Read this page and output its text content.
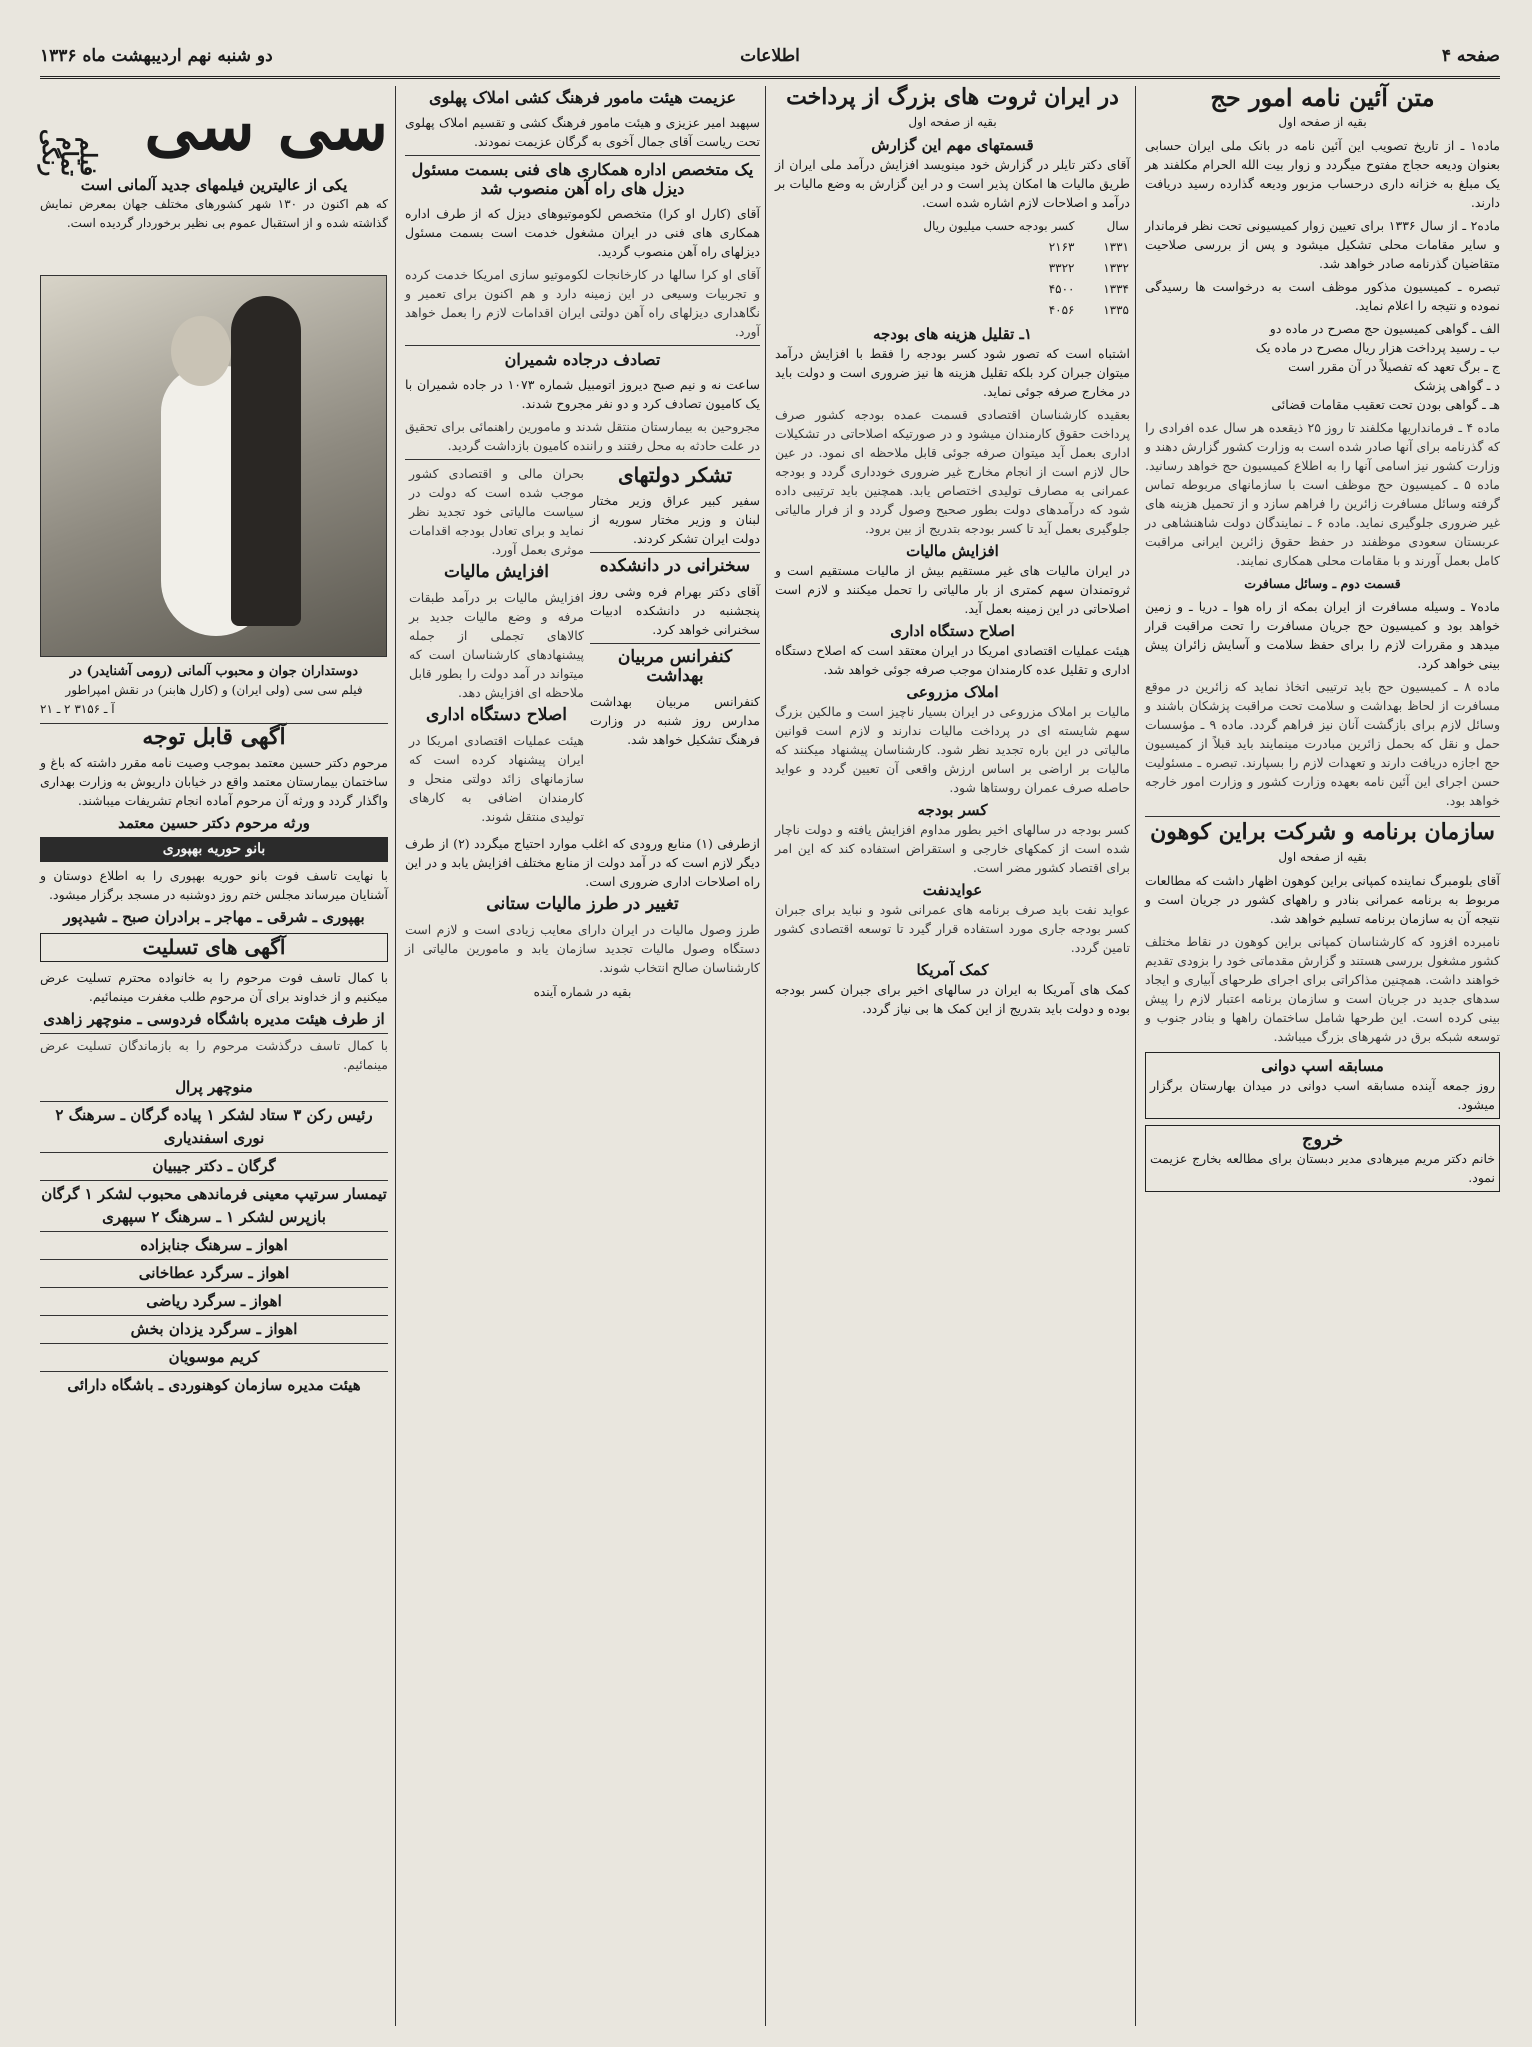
صفحه ۴
اطلاعات
دو شنبه نهم اردیبهشت ماه ۱۳۳۶
متن آئین نامه امور حج
بقیه از صفحه اول

ماده۱ ـ از تاریخ تصویب این آئین نامه در بانک ملی ایران حسابی بعنوان ودیعه حجاج مفتوح میگردد و زوار بیت الله الحرام مکلفند هر یک مبلغ به خزانه داری درحساب مزبور ودیعه گذارده رسید دریافت دارند.

ماده۲ ـ از سال ۱۳۳۶ برای تعیین زوار کمیسیونی تحت نظر فرماندار و سایر مقامات محلی تشکیل میشود و پس از بررسی صلاحیت متقاضیان گذرنامه صادر خواهد شد.

تبصره ـ کمیسیون مذکور موظف است به درخواست ها رسیدگی نموده و نتیجه را اعلام نماید.

الف ـ گواهی کمیسیون حج مصرح در ماده دو
ب ـ رسید پرداخت هزار ریال مصرح در ماده یک
ج ـ برگ تعهد که تفصیلاً در آن مقرر است
د ـ گواهی پزشک
هـ ـ گواهی بودن تحت تعقیب مقامات قضائی

ماده ۴ ـ فرمانداریها مکلفند تا روز ۲۵ ذیقعده هر سال عده افرادی را که گذرنامه برای آنها صادر شده است به وزارت کشور گزارش دهند و وزارت کشور نیز اسامی آنها را به اطلاع کمیسیون حج خواهد رسانید. ماده ۵ ـ کمیسیون حج موظف است با سازمانهای مربوطه تماس گرفته وسائل مسافرت زائرین را فراهم سازد و از تحمیل هزینه های غیر ضروری جلوگیری نماید. ماده ۶ ـ نمایندگان دولت شاهنشاهی در عربستان سعودی موظفند در حفظ حقوق زائرین ایرانی مراقبت کامل بعمل آورند و با مقامات محلی همکاری نمایند.

قسمت دوم ـ وسائل مسافرت

ماده۷ ـ وسیله مسافرت از ایران بمکه از راه هوا ـ دریا ـ و زمین خواهد بود و کمیسیون حج جریان مسافرت را تحت مراقبت قرار میدهد و مقررات لازم را برای حفظ سلامت و آسایش زائران پیش بینی خواهد کرد.

ماده ۸ ـ کمیسیون حج باید ترتیبی اتخاذ نماید که زائرین در موقع مسافرت از لحاظ بهداشت و سلامت تحت مراقبت پزشکان باشند و وسائل لازم برای بازگشت آنان نیز فراهم گردد. ماده ۹ ـ مؤسسات حمل و نقل که بحمل زائرین مبادرت مینمایند باید قبلاً از کمیسیون حج اجازه دریافت دارند و تعهدات لازم را بسپارند. تبصره ـ مسئولیت حسن اجرای این آئین نامه بعهده وزارت کشور و وزارت امور خارجه خواهد بود.

سازمان برنامه و شرکت براین کوهون
بقیه از صفحه اول

آقای بلومبرگ نماینده کمپانی براین کوهون اظهار داشت که مطالعات مربوط به برنامه عمرانی بنادر و راههای کشور در جریان است و نتیجه آن به سازمان برنامه تسلیم خواهد شد.

نامبرده افزود که کارشناسان کمپانی براین کوهون در نقاط مختلف کشور مشغول بررسی هستند و گزارش مقدماتی خود را بزودی تقدیم خواهند داشت. همچنین مذاکراتی برای اجرای طرحهای آبیاری و ایجاد سدهای جدید در جریان است و سازمان برنامه اعتبار لازم را پیش بینی کرده است. این طرحها شامل ساختمان راهها و بنادر جنوب و توسعه شبکه برق در شهرهای بزرگ میباشد.

مسابقه اسپ دوانی
روز جمعه آینده مسابقه اسب دوانی در میدان بهارستان برگزار میشود.
خروج
خانم دکتر مریم میرهادی مدیر دبستان برای مطالعه بخارج عزیمت نمود.
در ایران ثروت های بزرگ از پرداخت
بقیه از صفحه اول
قسمتهای مهم این گزارش

آقای دکتر تایلر در گزارش خود مینویسد افزایش درآمد ملی ایران از طریق مالیات ها امکان پذیر است و در این گزارش به وضع مالیات بر درآمد و اصلاحات لازم اشاره شده است.

سال	کسر بودجه حسب میلیون ریال
۱۳۳۱	۲۱۶۳
۱۳۳۲	۳۳۲۲
۱۳۳۴	۴۵۰۰
۱۳۳۵	۴۰۵۶
۱ـ تقلیل هزینه های بودجه

اشتباه است که تصور شود کسر بودجه را فقط با افزایش درآمد میتوان جبران کرد بلکه تقلیل هزینه ها نیز ضروری است و دولت باید در مخارج صرفه جوئی نماید.

بعقیده کارشناسان اقتصادی قسمت عمده بودجه کشور صرف پرداخت حقوق کارمندان میشود و در صورتیکه اصلاحاتی در تشکیلات اداری بعمل آید میتوان صرفه جوئی قابل ملاحظه ای نمود. در عین حال لازم است از انجام مخارج غیر ضروری خودداری گردد و بودجه عمرانی به مصارف تولیدی اختصاص یابد. همچنین باید ترتیبی داده شود که درآمدهای دولت بطور صحیح وصول گردد و از فرار مالیاتی جلوگیری بعمل آید تا کسر بودجه بتدریج از بین برود.

افزایش مالیات

در ایران مالیات های غیر مستقیم بیش از مالیات مستقیم است و ثروتمندان سهم کمتری از بار مالیاتی را تحمل میکنند و لازم است اصلاحاتی در این زمینه بعمل آید.

اصلاح دستگاه اداری

هیئت عملیات اقتصادی امریکا در ایران معتقد است که اصلاح دستگاه اداری و تقلیل عده کارمندان موجب صرفه جوئی خواهد شد.

املاک مزروعی

مالیات بر املاک مزروعی در ایران بسیار ناچیز است و مالکین بزرگ سهم شایسته ای در پرداخت مالیات ندارند و لازم است قوانین مالیاتی در این باره تجدید نظر شود. کارشناسان پیشنهاد میکنند که مالیات بر اراضی بر اساس ارزش واقعی آن تعیین گردد و عواید حاصله صرف عمران روستاها شود.

کسر بودجه

کسر بودجه در سالهای اخیر بطور مداوم افزایش یافته و دولت ناچار شده است از کمکهای خارجی و استقراض استفاده کند که این امر برای اقتصاد کشور مضر است.

عوایدنفت

عواید نفت باید صرف برنامه های عمرانی شود و نباید برای جبران کسر بودجه جاری مورد استفاده قرار گیرد تا توسعه اقتصادی کشور تامین گردد.

کمک آمریکا

کمک های آمریکا به ایران در سالهای اخیر برای جبران کسر بودجه بوده و دولت باید بتدریج از این کمک ها بی نیاز گردد.

عزیمت هیئت مامور فرهنگ کشی املاک پهلوی

سپهبد امیر عزیزی و هیئت مامور فرهنگ کشی و تقسیم املاک پهلوی تحت ریاست آقای جمال آخوی به گرگان عزیمت نمودند.

یک متخصص اداره همکاری های فنی بسمت مسئول دیزل های راه آهن منصوب شد

آقای (کارل او کرا) متخصص لکوموتیوهای دیزل که از طرف اداره همکاری های فنی در ایران مشغول خدمت است بسمت مسئول دیزلهای راه آهن منصوب گردید.

آقای او کرا سالها در کارخانجات لکوموتیو سازی امریکا خدمت کرده و تجربیات وسیعی در این زمینه دارد و هم اکنون برای تعمیر و نگاهداری دیزلهای راه آهن دولتی ایران اقدامات لازم را بعمل خواهد آورد.

تصادف درجاده شمیران

ساعت نه و نیم صبح دیروز اتومبیل شماره ۱۰۷۳ در جاده شمیران با یک کامیون تصادف کرد و دو نفر مجروح شدند.

مجروحین به بیمارستان منتقل شدند و مامورین راهنمائی برای تحقیق در علت حادثه به محل رفتند و راننده کامیون بازداشت گردید.

تشکر دولتهای

سفیر کبیر عراق وزیر مختار لبنان و وزیر مختار سوریه از دولت ایران تشکر کردند.

سخنرانی در دانشکده

آقای دکتر بهرام فره وشی روز پنجشنبه در دانشکده ادبیات سخنرانی خواهد کرد.

کنفرانس مربیان بهداشت

کنفرانس مربیان بهداشت مدارس روز شنبه در وزارت فرهنگ تشکیل خواهد شد.

بحران مالی و اقتصادی کشور موجب شده است که دولت در سیاست مالیاتی خود تجدید نظر نماید و برای تعادل بودجه اقدامات موثری بعمل آورد.

افزایش مالیات

افزایش مالیات بر درآمد طبقات مرفه و وضع مالیات جدید بر کالاهای تجملی از جمله پیشنهادهای کارشناسان است که میتواند در آمد دولت را بطور قابل ملاحظه ای افزایش دهد.

اصلاح دستگاه اداری

هیئت عملیات اقتصادی امریکا در ایران پیشنهاد کرده است که سازمانهای زائد دولتی منحل و کارمندان اضافی به کارهای تولیدی منتقل شوند.

ازطرفی (۱) منابع ورودی که اغلب موارد احتیاج میگردد (۲) از طرف دیگر لازم است که در آمد دولت از منابع مختلف افزایش یابد و در این راه اصلاحات اداری ضروری است.

تغییر در طرز مالیات ستانی

طرز وصول مالیات در ایران دارای معایب زیادی است و لازم است دستگاه وصول مالیات تجدید سازمان یابد و مامورین مالیاتی از کارشناسان صالح انتخاب شوند.

بقیه در شماره آینده
سی سی
فیلم تمام رنگی
یکی از عالیترین فیلمهای جدید آلمانی است

که هم اکنون در ۱۳۰ شهر کشورهای مختلف جهان بمعرض نمایش گذاشته شده و از استقبال عموم بی نظیر برخوردار گردیده است.

دوستداران جوان و محبوب آلمانی (رومی آشنایدر) در
فیلم سی سی (ولی ایران) و (کارل هابنر) در نقش امپراطور
آ ـ ۳۱۵۶ ۲ ـ ۲۱
آگهی قابل توجه

مرحوم دکتر حسین معتمد بموجب وصیت نامه مقرر داشته که باغ و ساختمان بیمارستان معتمد واقع در خیابان داریوش به وزارت بهداری واگذار گردد و ورثه آن مرحوم آماده انجام تشریفات میباشند.

ورثه مرحوم دکتر حسین معتمد
بانو حوریه بهپوری

با نهایت تاسف فوت بانو حوریه بهپوری را به اطلاع دوستان و آشنایان میرساند مجلس ختم روز دوشنبه در مسجد برگزار میشود.

بهپوری ـ شرقی ـ مهاجر ـ برادران صبح ـ شیدپور
آگهی های تسلیت

با کمال تاسف فوت مرحوم را به خانواده محترم تسلیت عرض میکنیم و از خداوند برای آن مرحوم طلب مغفرت مینمائیم.

از طرف هیئت مدیره باشگاه فردوسی ـ منوچهر زاهدی

با کمال تاسف درگذشت مرحوم را به بازماندگان تسلیت عرض مینمائیم.

منوچهر پرال
رئیس رکن ۳ ستاد لشکر ۱ پیاده گرگان ـ سرهنگ ۲
نوری اسفندیاری
گرگان ـ دکتر جیبیان
تیمسار سرتیپ معینی فرماندهی محبوب لشکر ۱ گرگان
بازپرس لشکر ۱ ـ سرهنگ ۲ سپهری
اهواز ـ سرهنگ جنابزاده
اهواز ـ سرگرد عطاخانی
اهواز ـ سرگرد ریاضی
اهواز ـ سرگرد یزدان بخش
کریم موسویان
هیئت مدیره سازمان کوهنوردی ـ باشگاه دارائی
